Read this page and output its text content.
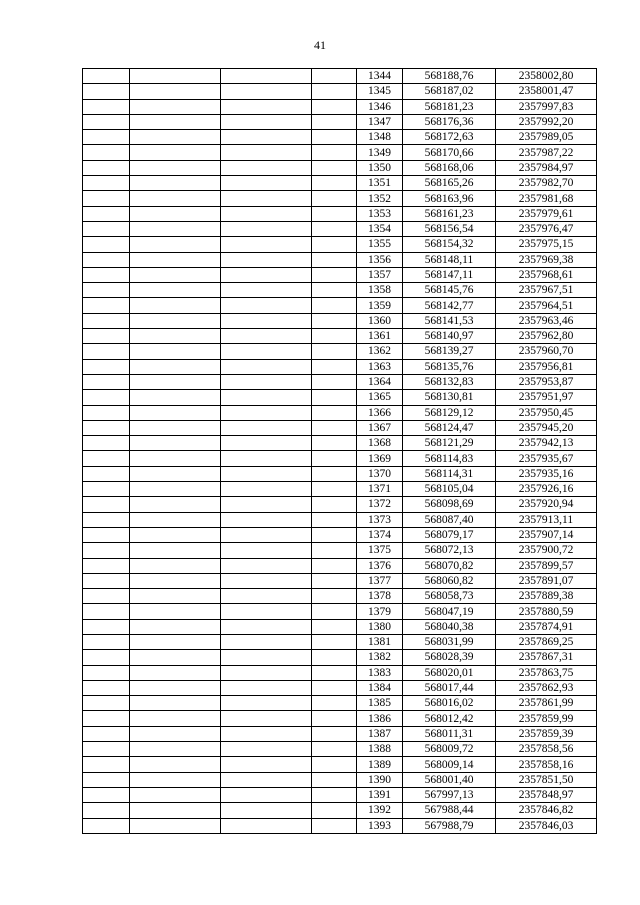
41
				1344	568188,76	2358002,80
				1345	568187,02	2358001,47
				1346	568181,23	2357997,83
				1347	568176,36	2357992,20
				1348	568172,63	2357989,05
				1349	568170,66	2357987,22
				1350	568168,06	2357984,97
				1351	568165,26	2357982,70
				1352	568163,96	2357981,68
				1353	568161,23	2357979,61
				1354	568156,54	2357976,47
				1355	568154,32	2357975,15
				1356	568148,11	2357969,38
				1357	568147,11	2357968,61
				1358	568145,76	2357967,51
				1359	568142,77	2357964,51
				1360	568141,53	2357963,46
				1361	568140,97	2357962,80
				1362	568139,27	2357960,70
				1363	568135,76	2357956,81
				1364	568132,83	2357953,87
				1365	568130,81	2357951,97
				1366	568129,12	2357950,45
				1367	568124,47	2357945,20
				1368	568121,29	2357942,13
				1369	568114,83	2357935,67
				1370	568114,31	2357935,16
				1371	568105,04	2357926,16
				1372	568098,69	2357920,94
				1373	568087,40	2357913,11
				1374	568079,17	2357907,14
				1375	568072,13	2357900,72
				1376	568070,82	2357899,57
				1377	568060,82	2357891,07
				1378	568058,73	2357889,38
				1379	568047,19	2357880,59
				1380	568040,38	2357874,91
				1381	568031,99	2357869,25
				1382	568028,39	2357867,31
				1383	568020,01	2357863,75
				1384	568017,44	2357862,93
				1385	568016,02	2357861,99
				1386	568012,42	2357859,99
				1387	568011,31	2357859,39
				1388	568009,72	2357858,56
				1389	568009,14	2357858,16
				1390	568001,40	2357851,50
				1391	567997,13	2357848,97
				1392	567988,44	2357846,82
				1393	567988,79	2357846,03
